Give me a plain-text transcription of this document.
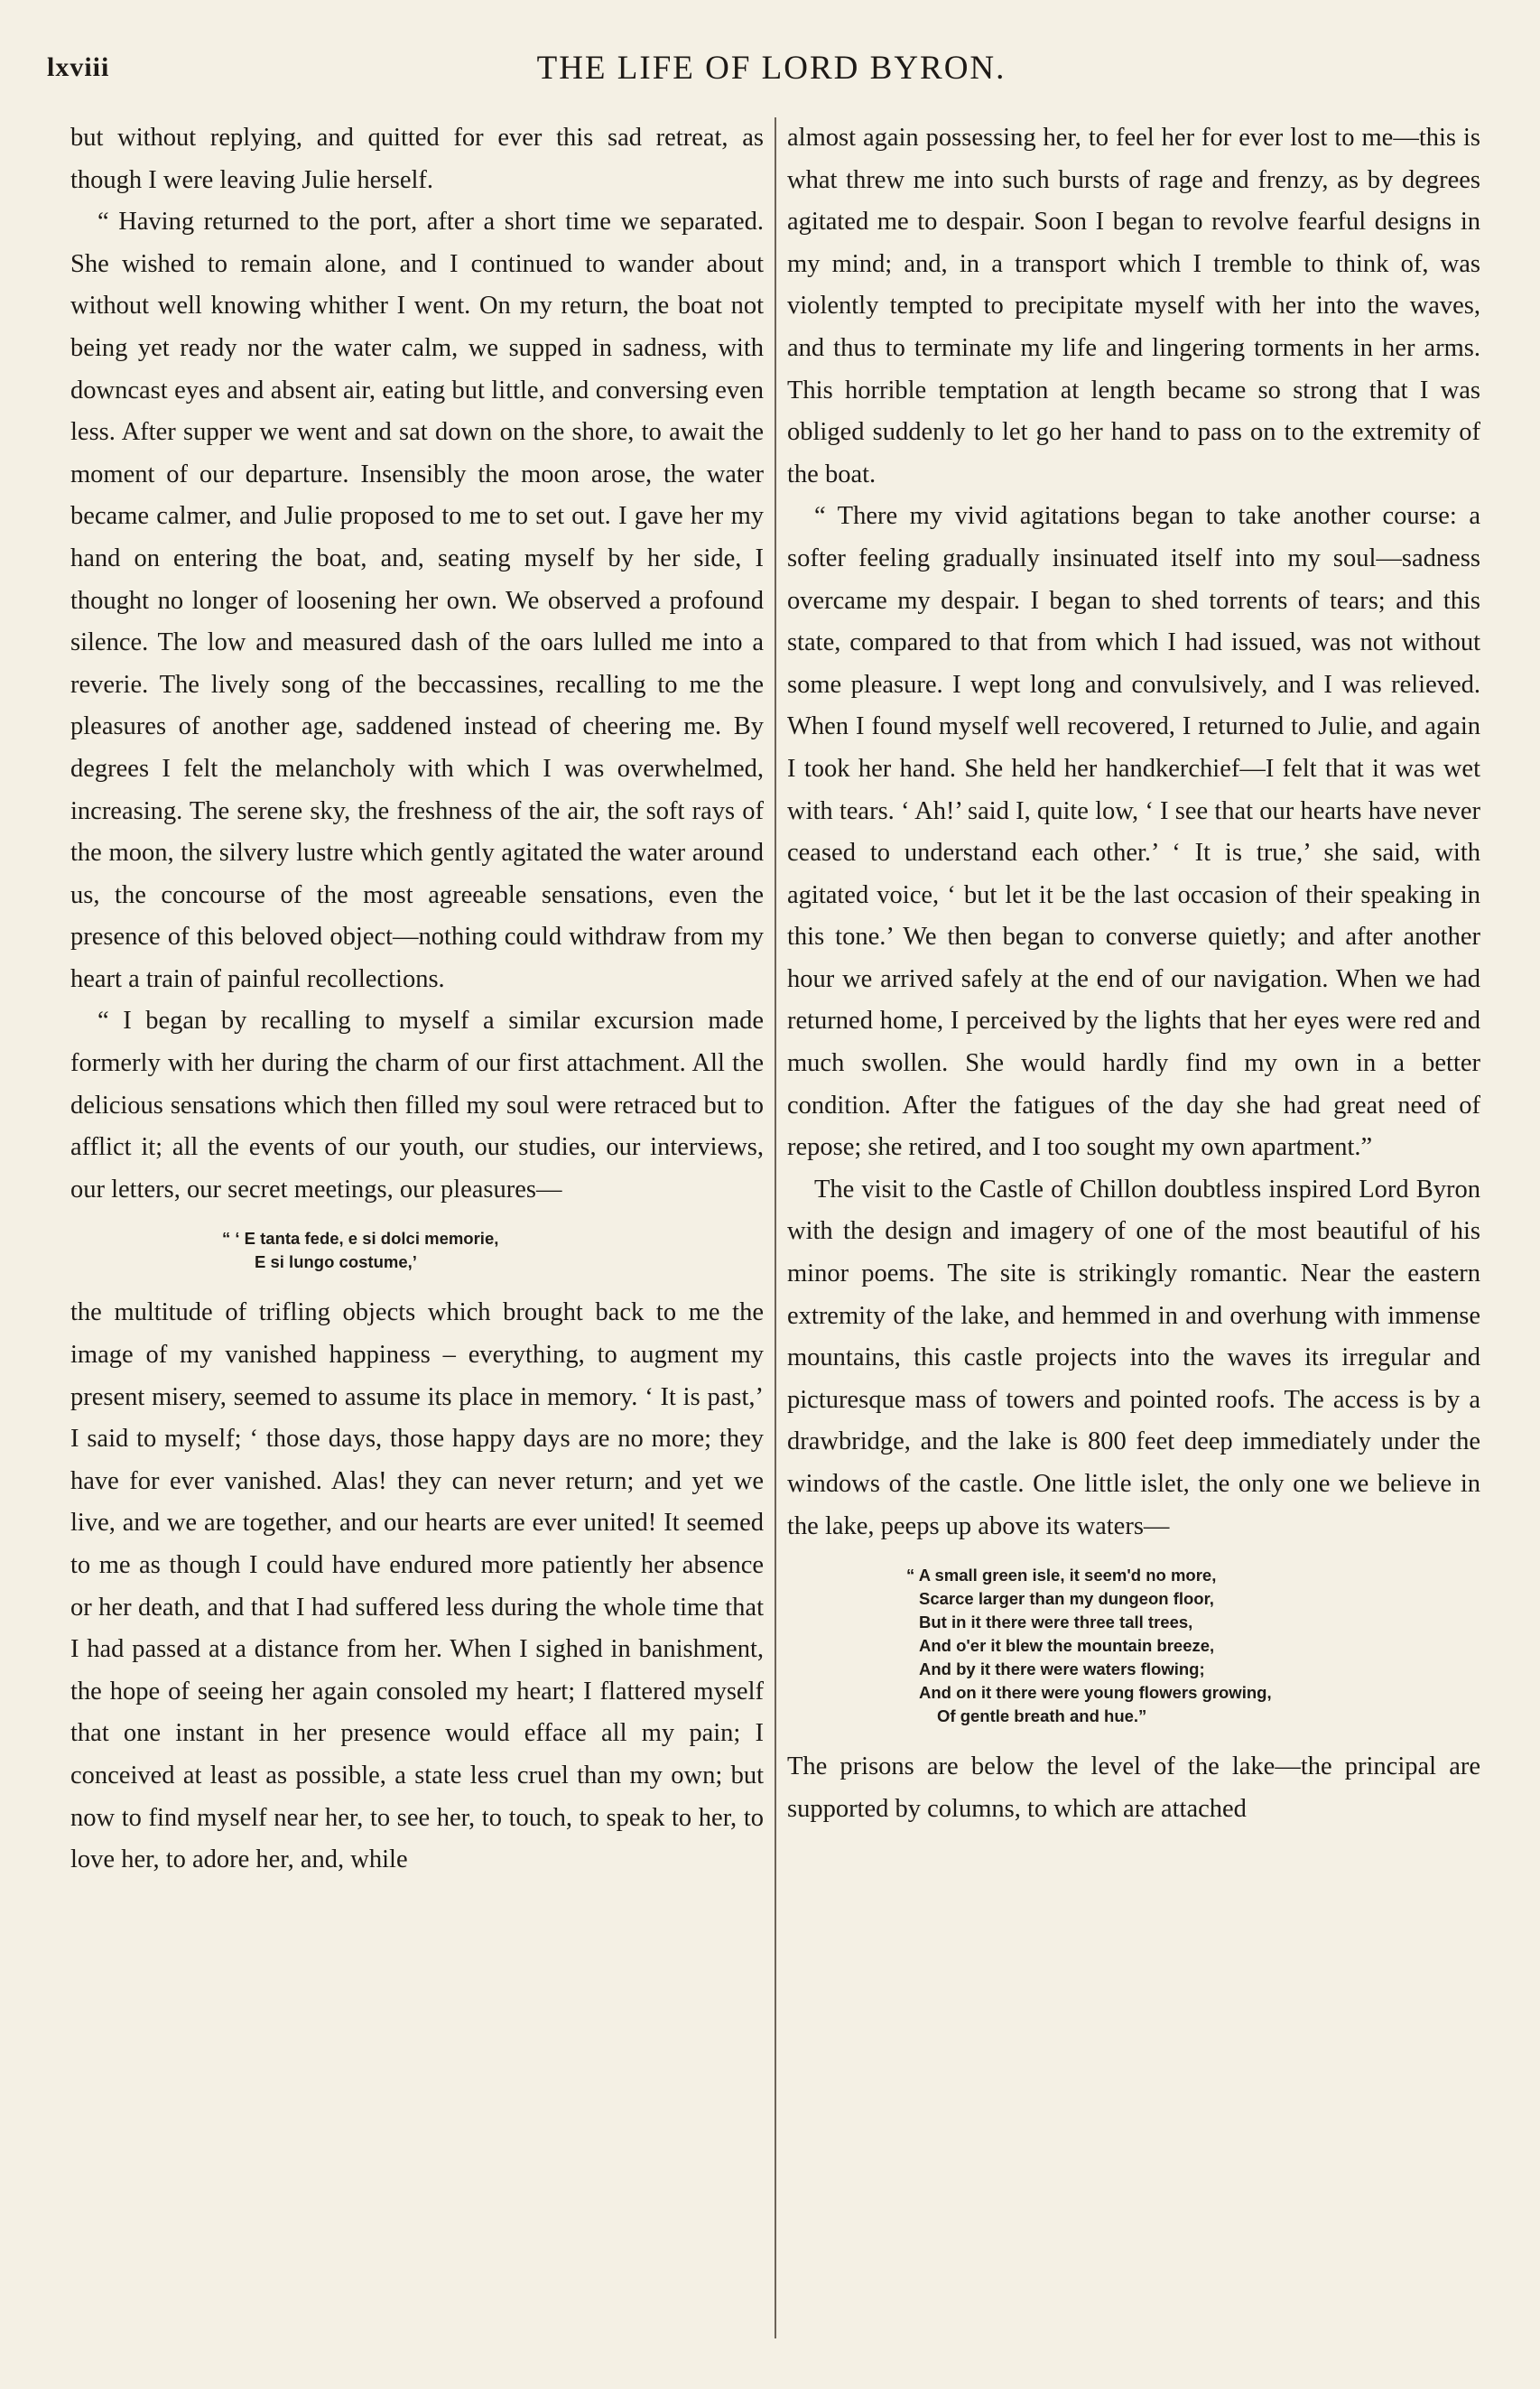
lxviii	THE LIFE OF LORD BYRON.

but without replying, and quitted for ever this sad retreat, as though I were leaving Julie herself.

“ Having returned to the port, after a short time we separated. She wished to remain alone, and I continued to wander about without well knowing whither I went. On my return, the boat not being yet ready nor the water calm, we supped in sadness, with downcast eyes and absent air, eating but little, and conversing even less. After supper we went and sat down on the shore, to await the moment of our departure. Insensibly the moon arose, the water became calmer, and Julie proposed to me to set out. I gave her my hand on entering the boat, and, seating myself by her side, I thought no longer of loosening her own. We observed a profound silence. The low and measured dash of the oars lulled me into a reverie. The lively song of the beccassines, recalling to me the pleasures of another age, saddened instead of cheering me. By degrees I felt the melancholy with which I was overwhelmed, increasing. The serene sky, the freshness of the air, the soft rays of the moon, the silvery lustre which gently agitated the water around us, the concourse of the most agreeable sensations, even the presence of this beloved object—nothing could withdraw from my heart a train of painful recollections.

“ I began by recalling to myself a similar excursion made formerly with her during the charm of our first attachment. All the delicious sensations which then filled my soul were retraced but to afflict it; all the events of our youth, our studies, our interviews, our letters, our secret meetings, our pleasures—

“ ‘ E tanta fede, e si dolci memorie,
E si lungo costume,’

the multitude of trifling objects which brought back to me the image of my vanished happiness – everything, to augment my present misery, seemed to assume its place in memory. ‘ It is past,’ I said to myself; ‘ those days, those happy days are no more; they have for ever vanished. Alas! they can never return; and yet we live, and we are together, and our hearts are ever united! It seemed to me as though I could have endured more patiently her absence or her death, and that I had suffered less during the whole time that I had passed at a distance from her. When I sighed in banishment, the hope of seeing her again consoled my heart; I flattered myself that one instant in her presence would efface all my pain; I conceived at least as possible, a state less cruel than my own; but now to find myself near her, to see her, to touch, to speak to her, to love her, to adore her, and, while

almost again possessing her, to feel her for ever lost to me—this is what threw me into such bursts of rage and frenzy, as by degrees agitated me to despair. Soon I began to revolve fearful designs in my mind; and, in a transport which I tremble to think of, was violently tempted to precipitate myself with her into the waves, and thus to terminate my life and lingering torments in her arms. This horrible temptation at length became so strong that I was obliged suddenly to let go her hand to pass on to the extremity of the boat.

“ There my vivid agitations began to take another course: a softer feeling gradually insinuated itself into my soul—sadness overcame my despair. I began to shed torrents of tears; and this state, compared to that from which I had issued, was not without some pleasure. I wept long and convulsively, and I was relieved. When I found myself well recovered, I returned to Julie, and again I took her hand. She held her handkerchief—I felt that it was wet with tears. ‘ Ah!’ said I, quite low, ‘ I see that our hearts have never ceased to understand each other.’ ‘ It is true,’ she said, with agitated voice, ‘ but let it be the last occasion of their speaking in this tone.’ We then began to converse quietly; and after another hour we arrived safely at the end of our navigation. When we had returned home, I perceived by the lights that her eyes were red and much swollen. She would hardly find my own in a better condition. After the fatigues of the day she had great need of repose; she retired, and I too sought my own apartment.”

The visit to the Castle of Chillon doubtless inspired Lord Byron with the design and imagery of one of the most beautiful of his minor poems. The site is strikingly romantic. Near the eastern extremity of the lake, and hemmed in and overhung with immense mountains, this castle projects into the waves its irregular and picturesque mass of towers and pointed roofs. The access is by a drawbridge, and the lake is 800 feet deep immediately under the windows of the castle. One little islet, the only one we believe in the lake, peeps up above its waters—

“ A small green isle, it seem'd no more,
Scarce larger than my dungeon floor,
But in it there were three tall trees,
And o'er it blew the mountain breeze,
And by it there were waters flowing;
And on it there were young flowers growing,
Of gentle breath and hue.”

The prisons are below the level of the lake—the principal are supported by columns, to which are attached
